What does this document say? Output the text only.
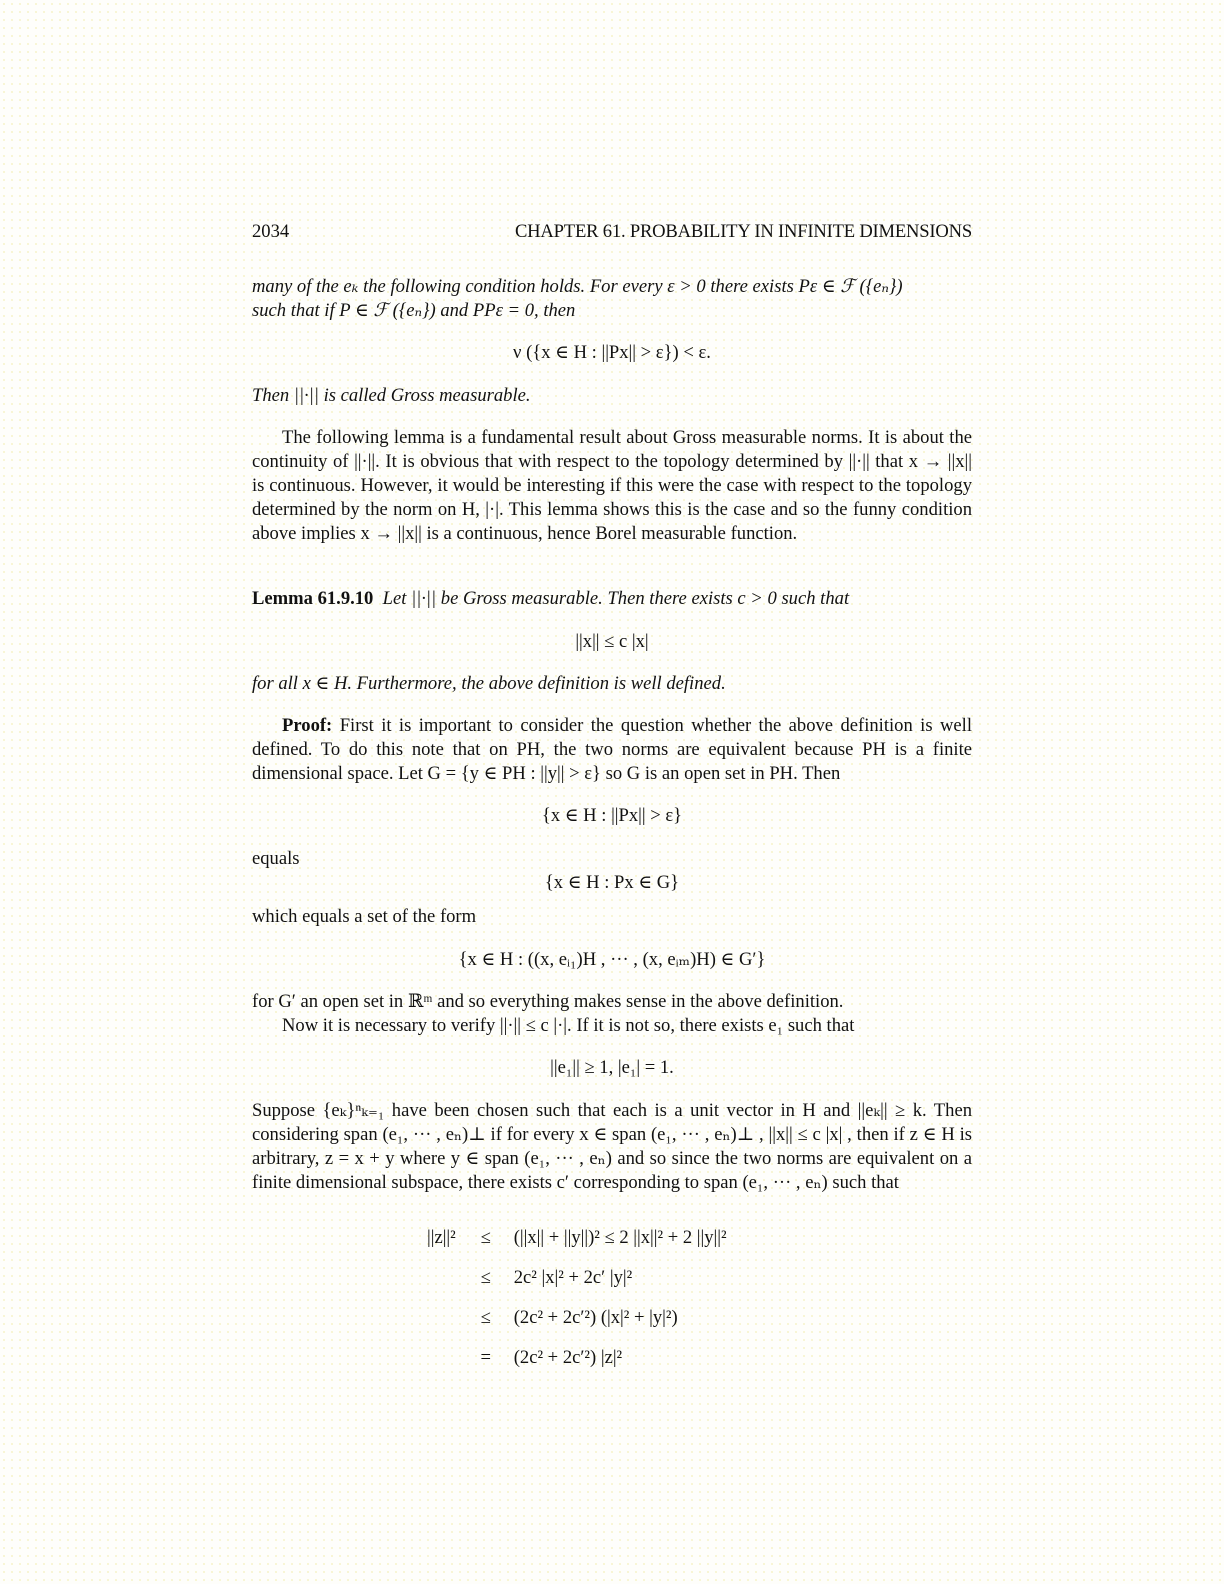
2034	CHAPTER 61. PROBABILITY IN INFINITE DIMENSIONS
many of the eₖ the following condition holds. For every ε > 0 there exists Pε ∈ ℱ ({eₙ})
such that if P ∈ ℱ ({eₙ}) and PPε = 0, then
ν ({x ∈ H : ||Px|| > ε}) < ε.
Then ||·|| is called Gross measurable.
The following lemma is a fundamental result about Gross measurable norms. It is about the continuity of ||·||. It is obvious that with respect to the topology determined by ||·|| that x → ||x|| is continuous. However, it would be interesting if this were the case with respect to the topology determined by the norm on H, |·|. This lemma shows this is the case and so the funny condition above implies x → ||x|| is a continuous, hence Borel measurable function.
Lemma 61.9.10 Let ||·|| be Gross measurable. Then there exists c > 0 such that
||x|| ≤ c |x|
for all x ∈ H. Furthermore, the above definition is well defined.
Proof: First it is important to consider the question whether the above definition is well defined. To do this note that on PH, the two norms are equivalent because PH is a finite dimensional space. Let G = {y ∈ PH : ||y|| > ε} so G is an open set in PH. Then
{x ∈ H : ||Px|| > ε}
equals
{x ∈ H : Px ∈ G}
which equals a set of the form
{x ∈ H : ((x, eᵢ₁)Η , ··· , (x, eᵢₘ)Η) ∈ G′}
for G′ an open set in ℝᵐ and so everything makes sense in the above definition.
Now it is necessary to verify ||·|| ≤ c |·|. If it is not so, there exists e₁ such that
||e₁|| ≥ 1, |e₁| = 1.
Suppose {eₖ}ⁿₖ₌₁ have been chosen such that each is a unit vector in H and ||eₖ|| ≥ k. Then considering span (e₁, ··· , eₙ)⊥ if for every x ∈ span (e₁, ··· , eₙ)⊥ , ||x|| ≤ c |x| , then if z ∈ H is arbitrary, z = x + y where y ∈ span (e₁, ··· , eₙ) and so since the two norms are equivalent on a finite dimensional subspace, there exists c′ corresponding to span (e₁, ··· , eₙ) such that
||z||²	≤	(||x|| + ||y||)² ≤ 2 ||x||² + 2 ||y||²
	≤	2c² |x|² + 2c′ |y|²
	≤	(2c² + 2c′²) (|x|² + |y|²)
	=	(2c² + 2c′²) |z|²
